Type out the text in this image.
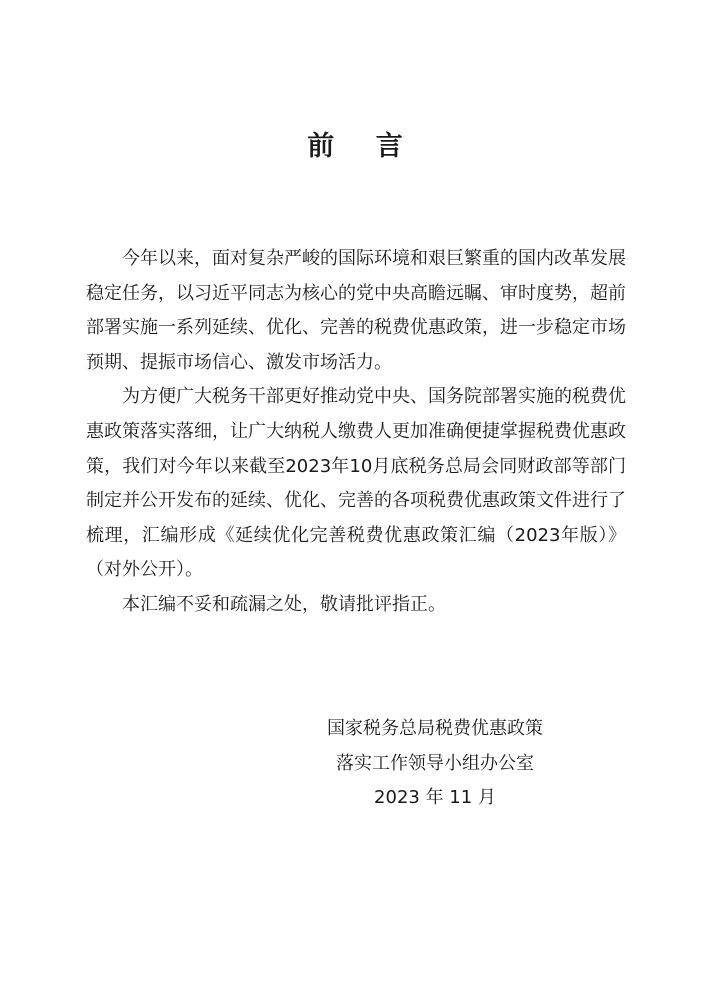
前 言

今年以来，面对复杂严峻的国际环境和艰巨繁重的国内改革发展稳定任务，以习近平同志为核心的党中央高瞻远瞩、审时度势，超前部署实施一系列延续、优化、完善的税费优惠政策，进一步稳定市场预期、提振市场信心、激发市场活力。

为方便广大税务干部更好推动党中央、国务院部署实施的税费优惠政策落实落细，让广大纳税人缴费人更加准确便捷掌握税费优惠政策，我们对今年以来截至2023年10月底税务总局会同财政部等部门制定并公开发布的延续、优化、完善的各项税费优惠政策文件进行了梳理，汇编形成《延续优化完善税费优惠政策汇编（2023年版）》（对外公开）。

本汇编不妥和疏漏之处，敬请批评指正。

国家税务总局税费优惠政策
落实工作领导小组办公室
2023 年 11 月
